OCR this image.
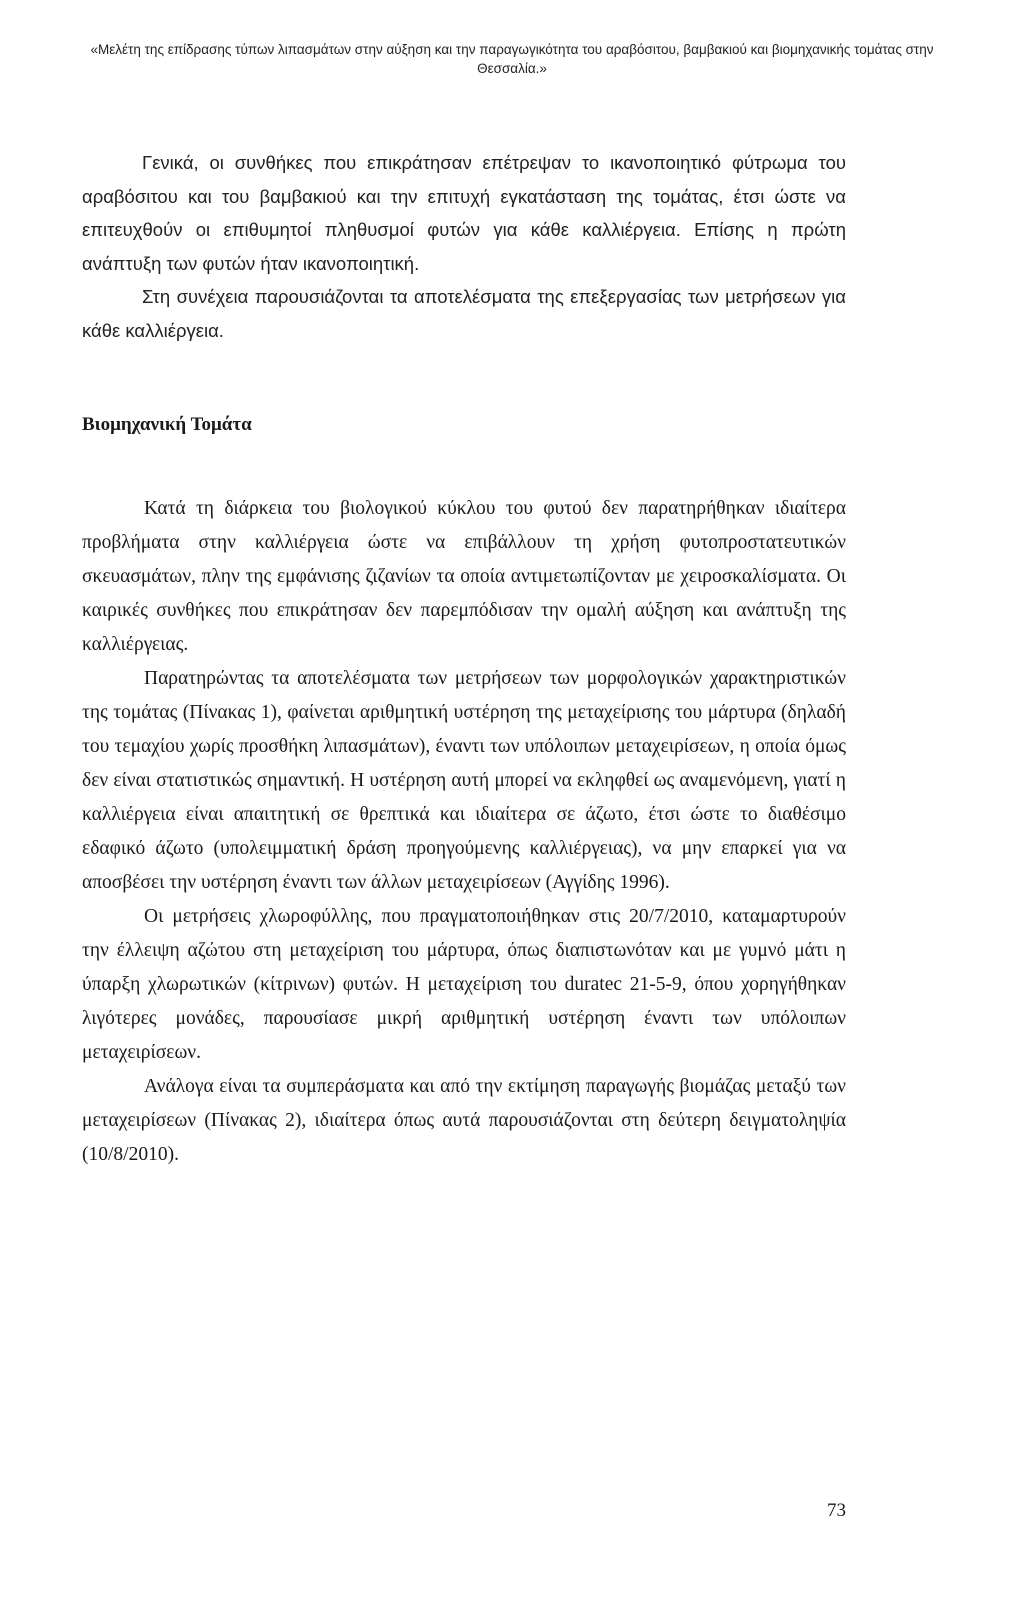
«Μελέτη της επίδρασης τύπων λιπασμάτων στην αύξηση και την παραγωγικότητα του αραβόσιτου, βαμβακιού και βιομηχανικής τομάτας στην Θεσσαλία.»

Γενικά, οι συνθήκες που επικράτησαν επέτρεψαν το ικανοποιητικό φύτρωμα του αραβόσιτου και του βαμβακιού και την επιτυχή εγκατάσταση της τομάτας, έτσι ώστε να επιτευχθούν οι επιθυμητοί πληθυσμοί φυτών για κάθε καλλιέργεια. Επίσης η πρώτη ανάπτυξη των φυτών ήταν ικανοποιητική.

Στη συνέχεια παρουσιάζονται τα αποτελέσματα της επεξεργασίας των μετρήσεων για κάθε καλλιέργεια.

Βιομηχανική Τομάτα

Κατά τη διάρκεια του βιολογικού κύκλου του φυτού δεν παρατηρήθηκαν ιδιαίτερα προβλήματα στην καλλιέργεια ώστε να επιβάλλουν τη χρήση φυτοπροστατευτικών σκευασμάτων, πλην της εμφάνισης ζιζανίων τα οποία αντιμετωπίζονταν με χειροσκαλίσματα. Οι καιρικές συνθήκες που επικράτησαν δεν παρεμπόδισαν την ομαλή αύξηση και ανάπτυξη της καλλιέργειας.

Παρατηρώντας τα αποτελέσματα των μετρήσεων των μορφολογικών χαρακτηριστικών της τομάτας (Πίνακας 1), φαίνεται αριθμητική υστέρηση της μεταχείρισης του μάρτυρα (δηλαδή του τεμαχίου χωρίς προσθήκη λιπασμάτων), έναντι των υπόλοιπων μεταχειρίσεων, η οποία όμως δεν είναι στατιστικώς σημαντική. Η υστέρηση αυτή μπορεί να εκληφθεί ως αναμενόμενη, γιατί η καλλιέργεια είναι απαιτητική σε θρεπτικά και ιδιαίτερα σε άζωτο, έτσι ώστε το διαθέσιμο εδαφικό άζωτο (υπολειμματική δράση προηγούμενης καλλιέργειας), να μην επαρκεί για να αποσβέσει την υστέρηση έναντι των άλλων μεταχειρίσεων (Αγγίδης 1996).

Οι μετρήσεις χλωροφύλλης, που πραγματοποιήθηκαν στις 20/7/2010, καταμαρτυρούν την έλλειψη αζώτου στη μεταχείριση του μάρτυρα, όπως διαπιστωνόταν και με γυμνό μάτι η ύπαρξη χλωρωτικών (κίτρινων) φυτών. Η μεταχείριση του duratec 21-5-9, όπου χορηγήθηκαν λιγότερες μονάδες, παρουσίασε μικρή αριθμητική υστέρηση έναντι των υπόλοιπων μεταχειρίσεων.

Ανάλογα είναι τα συμπεράσματα και από την εκτίμηση παραγωγής βιομάζας μεταξύ των μεταχειρίσεων (Πίνακας 2), ιδιαίτερα όπως αυτά παρουσιάζονται στη δεύτερη δειγματοληψία (10/8/2010).

73
